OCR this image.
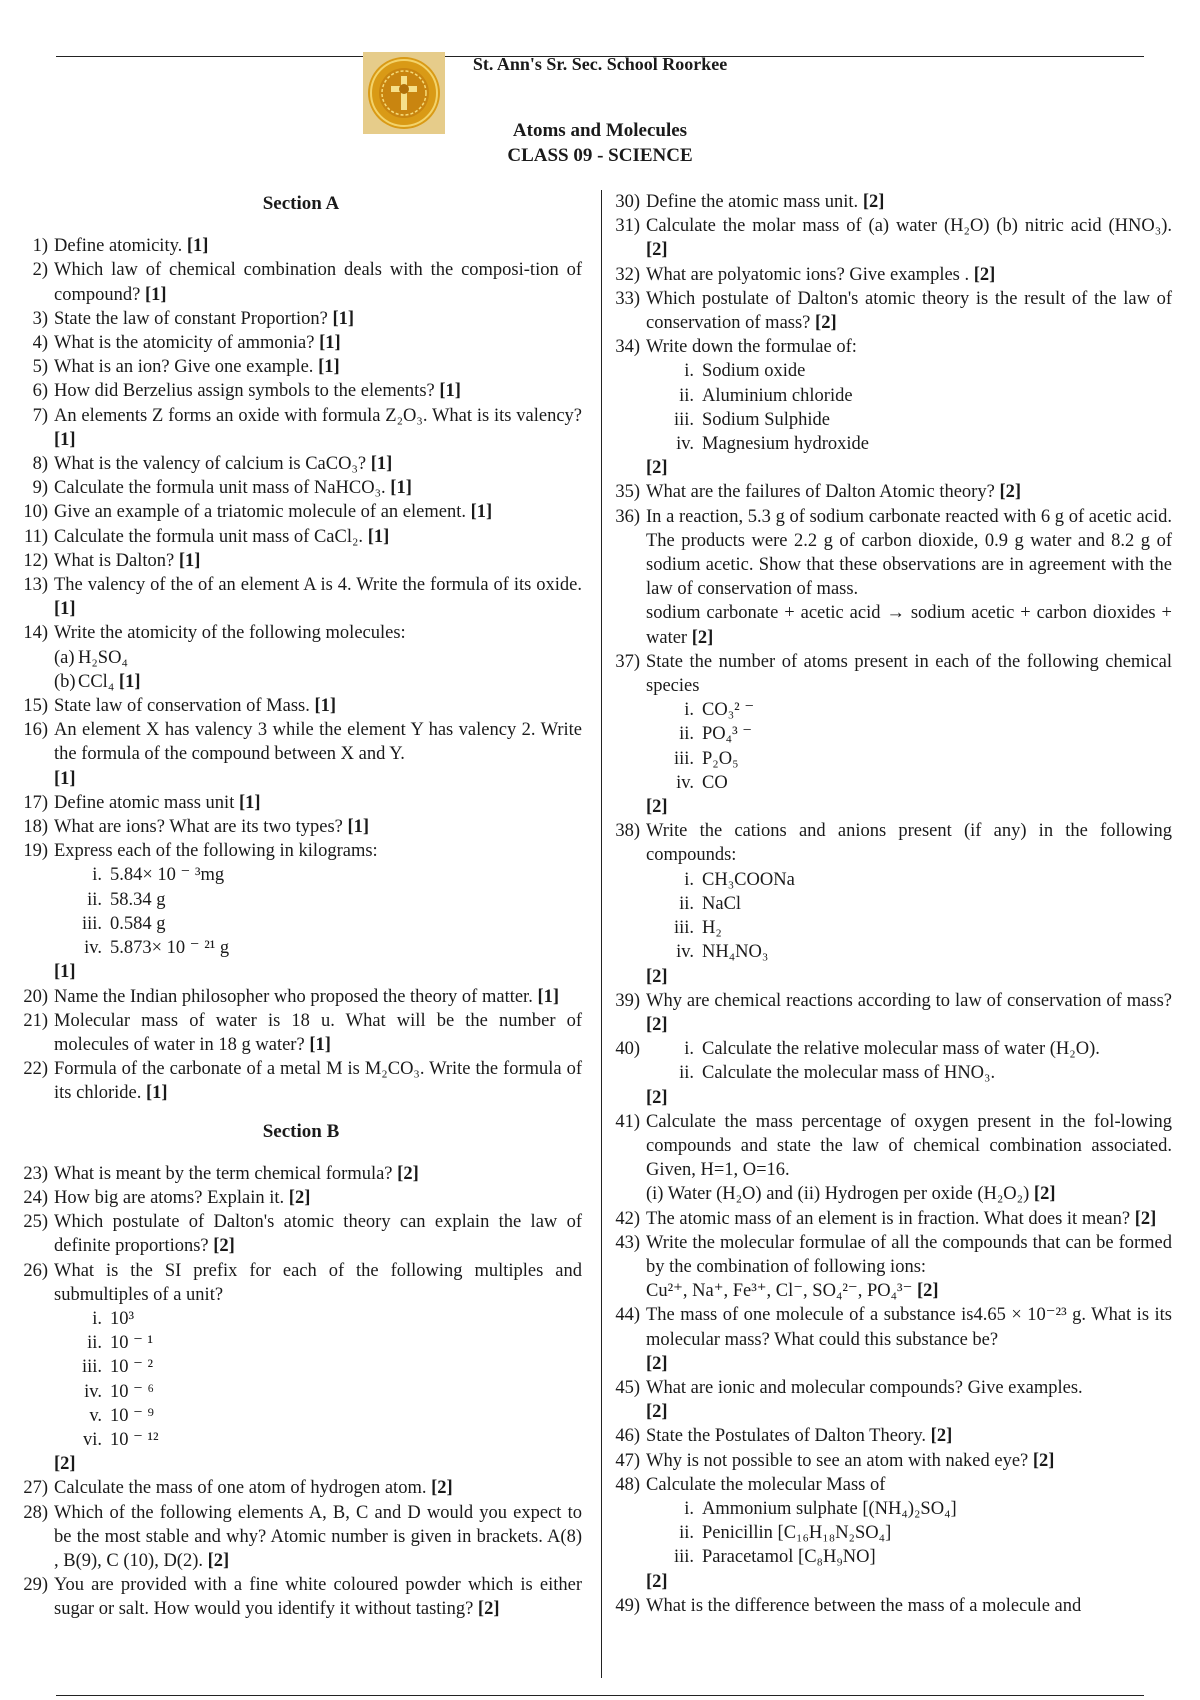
St. Ann's Sr. Sec. School Roorkee
Atoms and Molecules
CLASS 09 - SCIENCE
Section A
1) Define atomicity. [1]
2) Which law of chemical combination deals with the composi-tion of compound? [1]
3) State the law of constant Proportion? [1]
4) What is the atomicity of ammonia? [1]
5) What is an ion? Give one example. [1]
6) How did Berzelius assign symbols to the elements? [1]
7) An elements Z forms an oxide with formula Z₂O₃. What is its valency? [1]
8) What is the valency of calcium is CaCO₃? [1]
9) Calculate the formula unit mass of NaHCO₃. [1]
10) Give an example of a triatomic molecule of an element. [1]
11) Calculate the formula unit mass of CaCl₂. [1]
12) What is Dalton? [1]
13) The valency of the of an element A is 4. Write the formula of its oxide. [1]
14) Write the atomicity of the following molecules:
(a) H₂SO₄
(b) CCl₄ [1]
15) State law of conservation of Mass. [1]
16) An element X has valency 3 while the element Y has valency 2. Write the formula of the compound between X and Y.
[1]
17) Define atomic mass unit [1]
18) What are ions? What are its two types? [1]
19) Express each of the following in kilograms:
i. 5.84× 10 ⁻ ³mg
ii. 58.34 g
iii. 0.584 g
iv. 5.873× 10 ⁻ ²¹ g
[1]
20) Name the Indian philosopher who proposed the theory of matter. [1]
21) Molecular mass of water is 18 u. What will be the number of molecules of water in 18 g water? [1]
22) Formula of the carbonate of a metal M is M₂CO₃. Write the formula of its chloride. [1]
Section B
23) What is meant by the term chemical formula? [2]
24) How big are atoms? Explain it. [2]
25) Which postulate of Dalton's atomic theory can explain the law of definite proportions? [2]
26) What is the SI prefix for each of the following multiples and submultiples of a unit?
i. 10³
ii. 10 ⁻ ¹
iii. 10 ⁻ ²
iv. 10 ⁻ ⁶
v. 10 ⁻ ⁹
vi. 10 ⁻ ¹²
[2]
27) Calculate the mass of one atom of hydrogen atom. [2]
28) Which of the following elements A, B, C and D would you expect to be the most stable and why? Atomic number is given in brackets. A(8) , B(9), C (10), D(2). [2]
29) You are provided with a fine white coloured powder which is either sugar or salt. How would you identify it without tasting? [2]
30) Define the atomic mass unit. [2]
31) Calculate the molar mass of (a) water (H₂O) (b) nitric acid (HNO₃). [2]
32) What are polyatomic ions? Give examples . [2]
33) Which postulate of Dalton's atomic theory is the result of the law of conservation of mass? [2]
34) Write down the formulae of:
i. Sodium oxide
ii. Aluminium chloride
iii. Sodium Sulphide
iv. Magnesium hydroxide
[2]
35) What are the failures of Dalton Atomic theory? [2]
36) In a reaction, 5.3 g of sodium carbonate reacted with 6 g of acetic acid. The products were 2.2 g of carbon dioxide, 0.9 g water and 8.2 g of sodium acetic. Show that these observations are in agreement with the law of conservation of mass.
sodium carbonate + acetic acid → sodium acetic + carbon dioxides + water [2]
37) State the number of atoms present in each of the following chemical species
i. CO₃² ⁻
ii. PO₄³ ⁻
iii. P₂O₅
iv. CO
[2]
38) Write the cations and anions present (if any) in the following compounds:
i. CH₃COONa
ii. NaCl
iii. H₂
iv. NH₄NO₃
[2]
39) Why are chemical reactions according to law of conservation of mass? [2]
40)	i. Calculate the relative molecular mass of water (H₂O).
ii. Calculate the molecular mass of HNO₃.
[2]
41) Calculate the mass percentage of oxygen present in the fol-lowing compounds and state the law of chemical combination associated. Given, H=1, O=16.
(i) Water (H₂O) and (ii) Hydrogen per oxide (H₂O₂) [2]
42) The atomic mass of an element is in fraction. What does it mean? [2]
43) Write the molecular formulae of all the compounds that can be formed by the combination of following ions:
Cu²⁺, Na⁺, Fe³⁺, Cl⁻, SO₄²⁻, PO₄³⁻ [2]
44) The mass of one molecule of a substance is4.65 × 10⁻²³ g. What is its molecular mass? What could this substance be?
[2]
45) What are ionic and molecular compounds? Give examples.
[2]
46) State the Postulates of Dalton Theory. [2]
47) Why is not possible to see an atom with naked eye? [2]
48) Calculate the molecular Mass of
i. Ammonium sulphate [(NH₄)₂SO₄]
ii. Penicillin [C₁₆H₁₈N₂SO₄]
iii. Paracetamol [C₈H₉NO]
[2]
49) What is the difference between the mass of a molecule and
